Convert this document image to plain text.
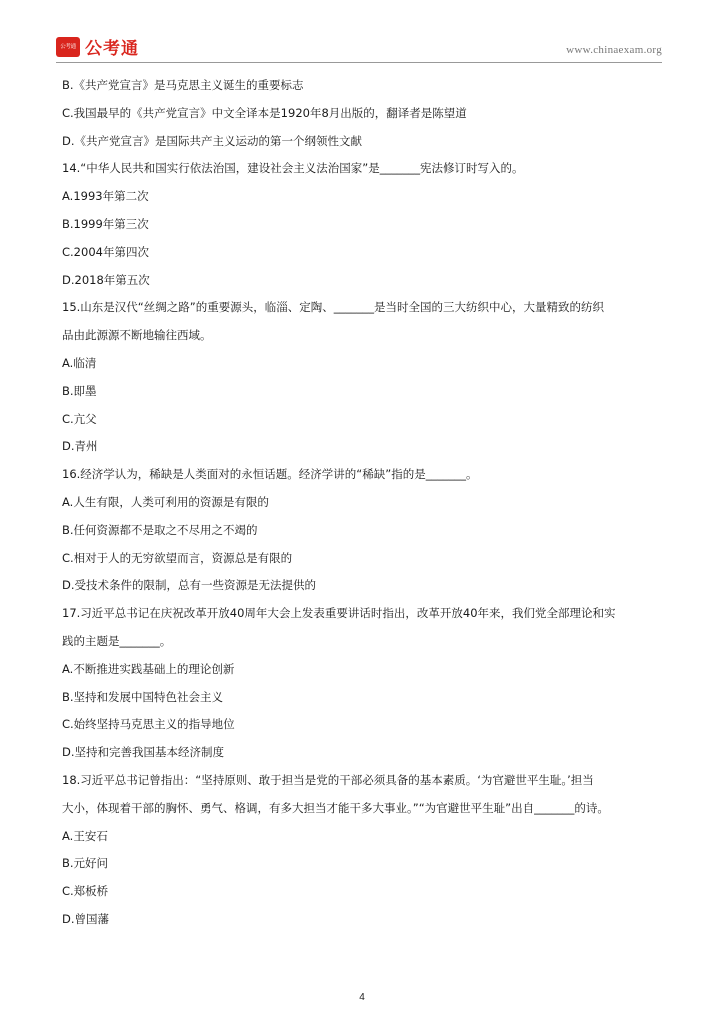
公考通 公考通	www.chinaexam.org
B.《共产党宣言》是马克思主义诞生的重要标志
C.我国最早的《共产党宣言》中文全译本是1920年8月出版的，翻译者是陈望道
D.《共产党宣言》是国际共产主义运动的第一个纲领性文献
14.“中华人民共和国实行依法治国，建设社会主义法治国家”是_______宪法修订时写入的。
A.1993年第二次
B.1999年第三次
C.2004年第四次
D.2018年第五次
15.山东是汉代“丝绸之路”的重要源头，临淄、定陶、_______是当时全国的三大纺织中心，大量精致的纺织
品由此源源不断地输往西域。
A.临清
B.即墨
C.亢父
D.青州
16.经济学认为，稀缺是人类面对的永恒话题。经济学讲的“稀缺”指的是_______。
A.人生有限，人类可利用的资源是有限的
B.任何资源都不是取之不尽用之不竭的
C.相对于人的无穷欲望而言，资源总是有限的
D.受技术条件的限制，总有一些资源是无法提供的
17.习近平总书记在庆祝改革开放40周年大会上发表重要讲话时指出，改革开放40年来，我们党全部理论和实
践的主题是_______。
A.不断推进实践基础上的理论创新
B.坚持和发展中国特色社会主义
C.始终坚持马克思主义的指导地位
D.坚持和完善我国基本经济制度
18.习近平总书记曾指出：“坚持原则、敢于担当是党的干部必须具备的基本素质。‘为官避世平生耻。’担当
大小，体现着干部的胸怀、勇气、格调，有多大担当才能干多大事业。”“为官避世平生耻”出自_______的诗。
A.王安石
B.元好问
C.郑板桥
D.曾国藩
4
